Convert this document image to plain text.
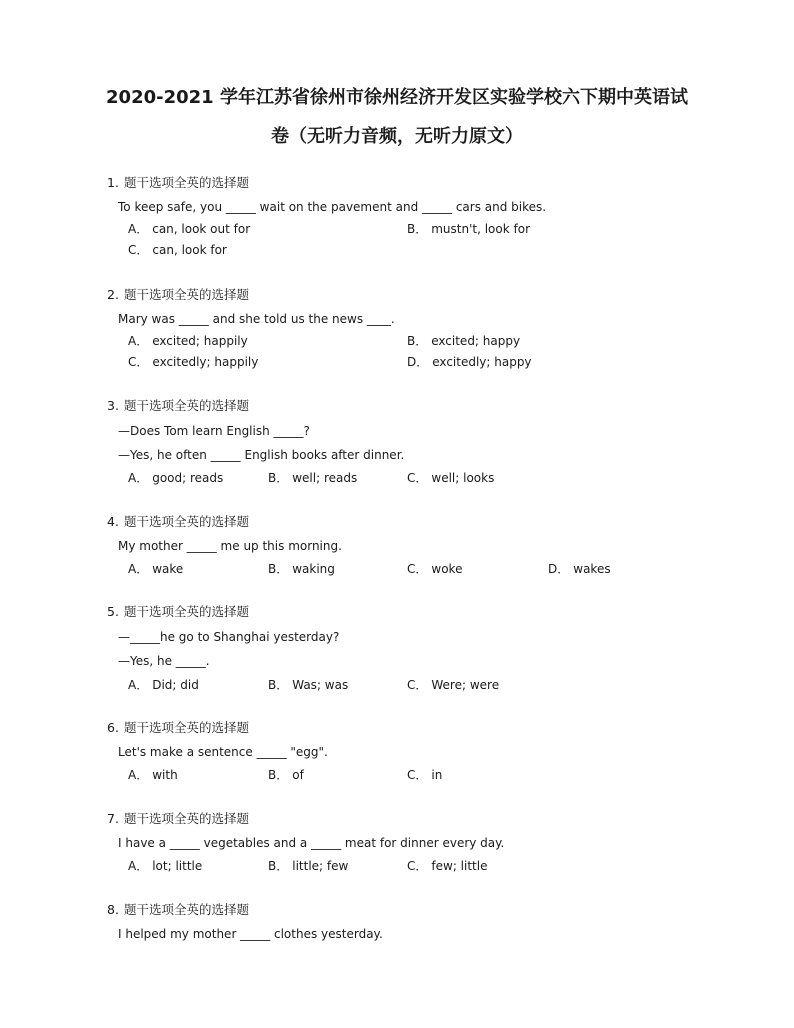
2020-2021 学年江苏省徐州市徐州经济开发区实验学校六下期中英语试
卷（无听力音频，无听力原文）
1. 题干选项全英的选择题
To keep safe, you _____ wait on the pavement and _____ cars and bikes.
A． can, look out for	B． mustn't, look for
C． can, look for
2. 题干选项全英的选择题
Mary was _____ and she told us the news ____.
A． excited; happily	B． excited; happy
C． excitedly; happily	D． excitedly; happy
3. 题干选项全英的选择题
—Does Tom learn English _____?
—Yes, he often _____ English books after dinner.
A． good; reads	B． well; reads	C． well; looks
4. 题干选项全英的选择题
My mother _____ me up this morning.
A． wake	B． waking	C． woke	D． wakes
5. 题干选项全英的选择题
—_____he go to Shanghai yesterday?
—Yes, he _____.
A． Did; did	B． Was; was	C． Were; were
6. 题干选项全英的选择题
Let's make a sentence _____ "egg".
A． with	B． of	C． in
7. 题干选项全英的选择题
I have a _____ vegetables and a _____ meat for dinner every day.
A． lot; little	B． little; few	C． few; little
8. 题干选项全英的选择题
I helped my mother _____ clothes yesterday.
